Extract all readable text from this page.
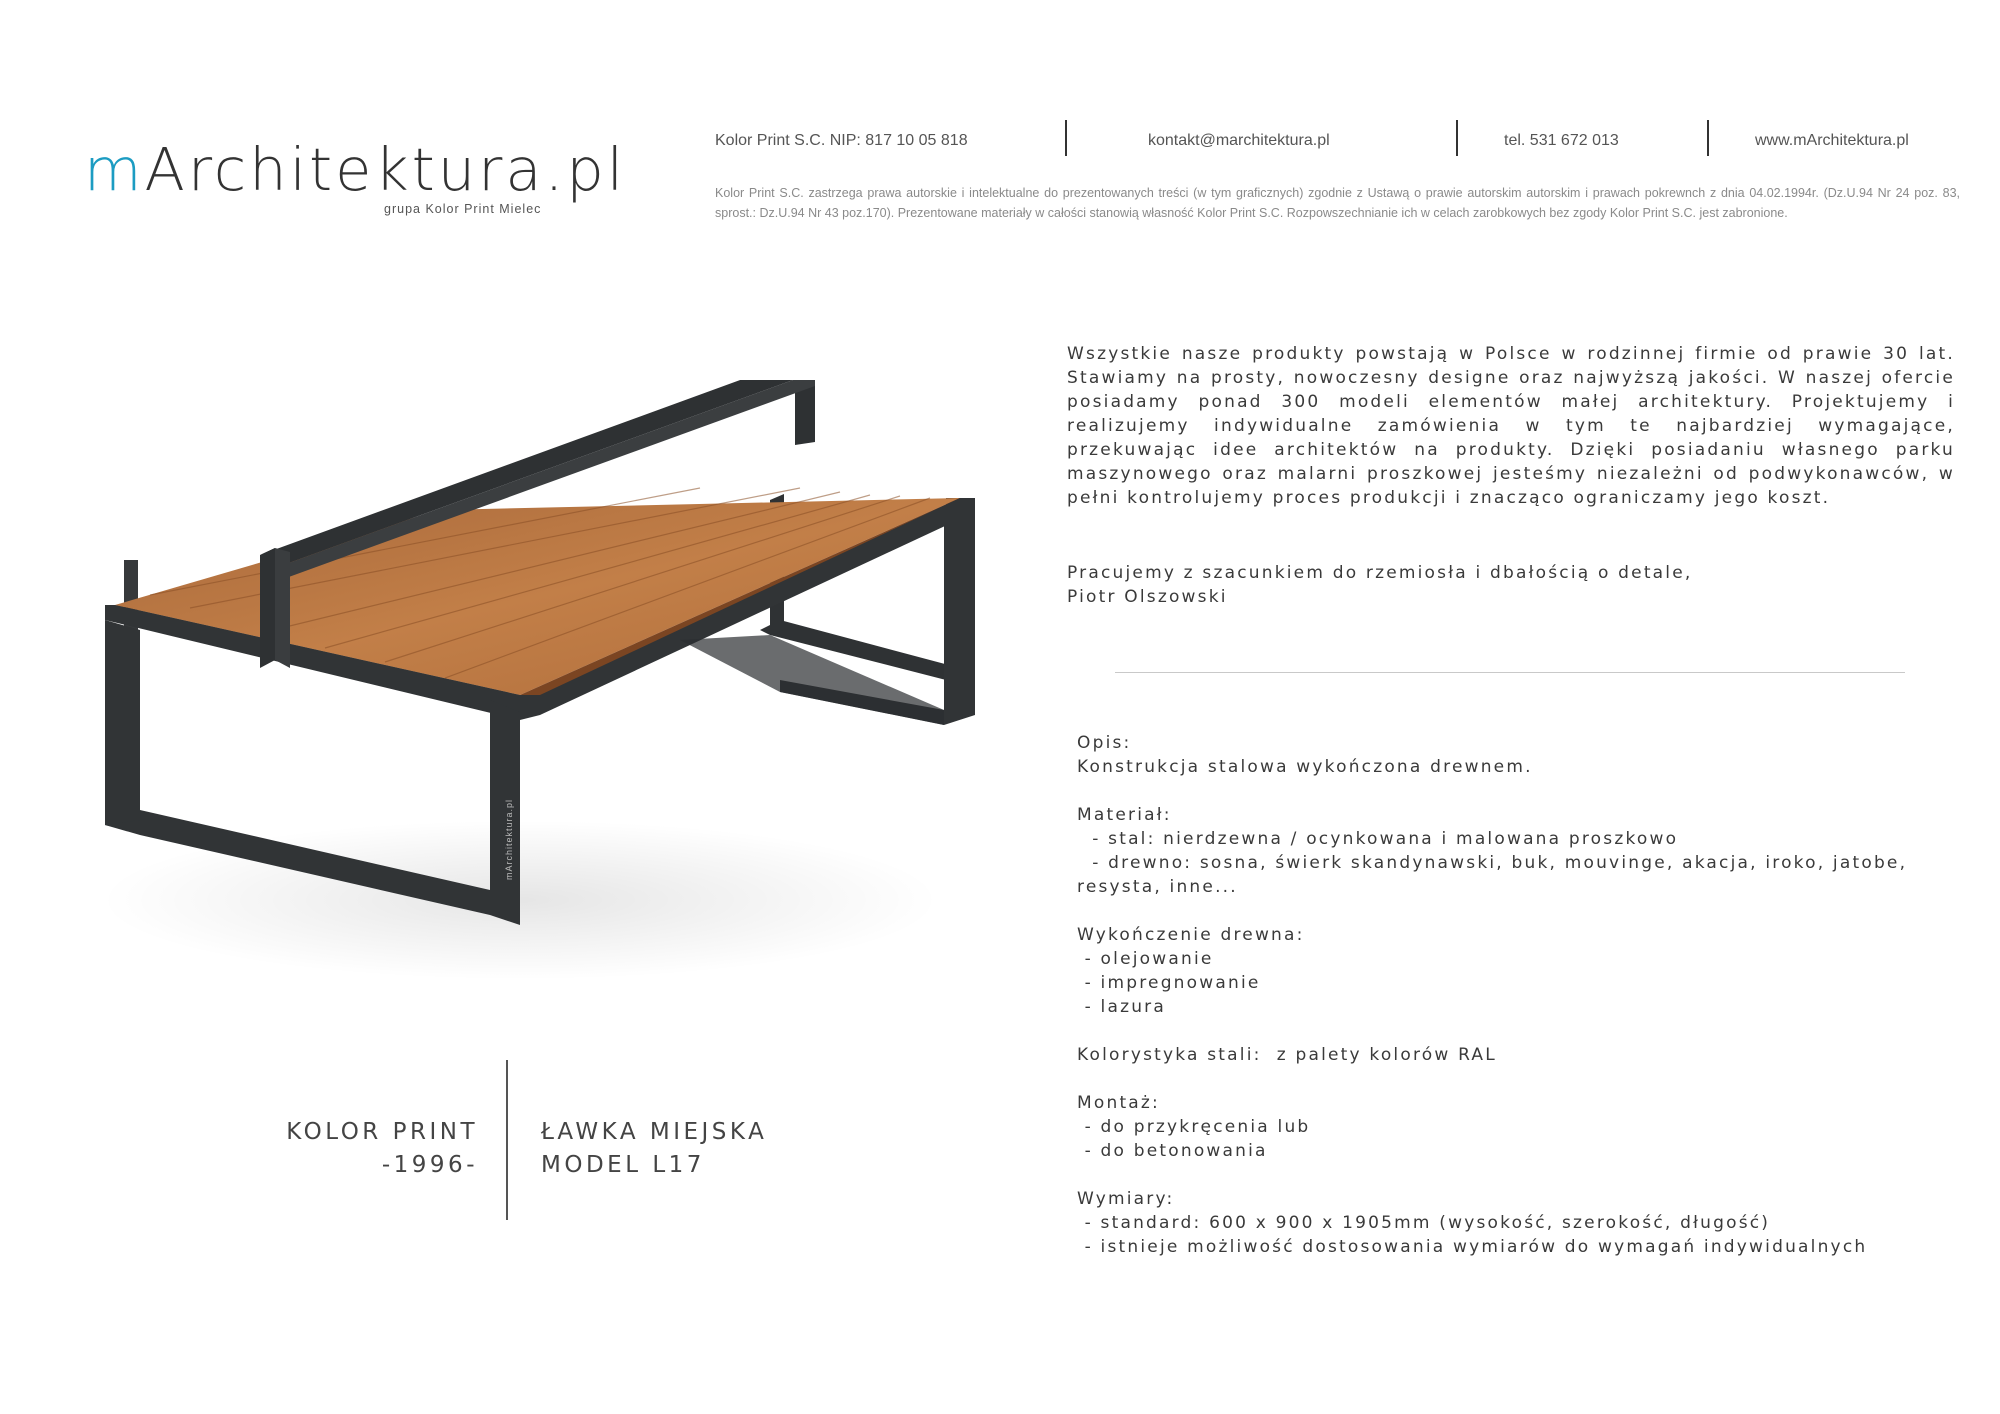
mArchitektura.pl
grupa Kolor Print Mielec
Kolor Print S.C. NIP: 817 10 05 818	kontakt@marchitektura.pl	tel. 531 672 013	www.mArchitektura.pl
Kolor Print S.C. zastrzega prawa autorskie i intelektualne do prezentowanych treści (w tym graficznych) zgodnie z Ustawą o prawie autorskim autorskim i prawach pokrewnch z dnia 04.02.1994r. (Dz.U.94 Nr 24 poz. 83, sprost.: Dz.U.94 Nr 43 poz.170). Prezentowane materiały w całości stanowią własność Kolor Print S.C. Rozpowszechnianie ich w celach zarobkowych bez zgody Kolor Print S.C. jest zabronione.
mArchitektura.pl
KOLOR PRINT
-1996-
ŁAWKA MIEJSKA
MODEL L17
Wszystkie nasze produkty powstają w Polsce w rodzinnej firmie od prawie 30 lat. Stawiamy na prosty, nowoczesny designe oraz najwyższą jakości. W naszej ofercie posiadamy ponad 300 modeli elementów małej architektury. Projektujemy i realizujemy indywidualne zamówienia w tym te najbardziej wymagające, przekuwając idee architektów na produkty. Dzięki posiadaniu własnego parku maszynowego oraz malarni proszkowej jesteśmy niezależni od podwykonawców, w pełni kontrolujemy proces produkcji i znacząco ograniczamy jego koszt.
Pracujemy z szacunkiem do rzemiosła i dbałością o detale,
Piotr Olszowski
Opis:
Konstrukcja stalowa wykończona drewnem.
Materiał:
- stal: nierdzewna / ocynkowana i malowana proszkowo
- drewno: sosna, świerk skandynawski, buk, mouvinge, akacja, iroko, jatobe, resysta, inne...
Wykończenie drewna:
- olejowanie
- impregnowanie
- lazura
Kolorystyka stali:  z palety kolorów RAL
Montaż:
- do przykręcenia lub
- do betonowania
Wymiary:
- standard: 600 x 900 x 1905mm (wysokość, szerokość, długość)
- istnieje możliwość dostosowania wymiarów do wymagań indywidualnych
